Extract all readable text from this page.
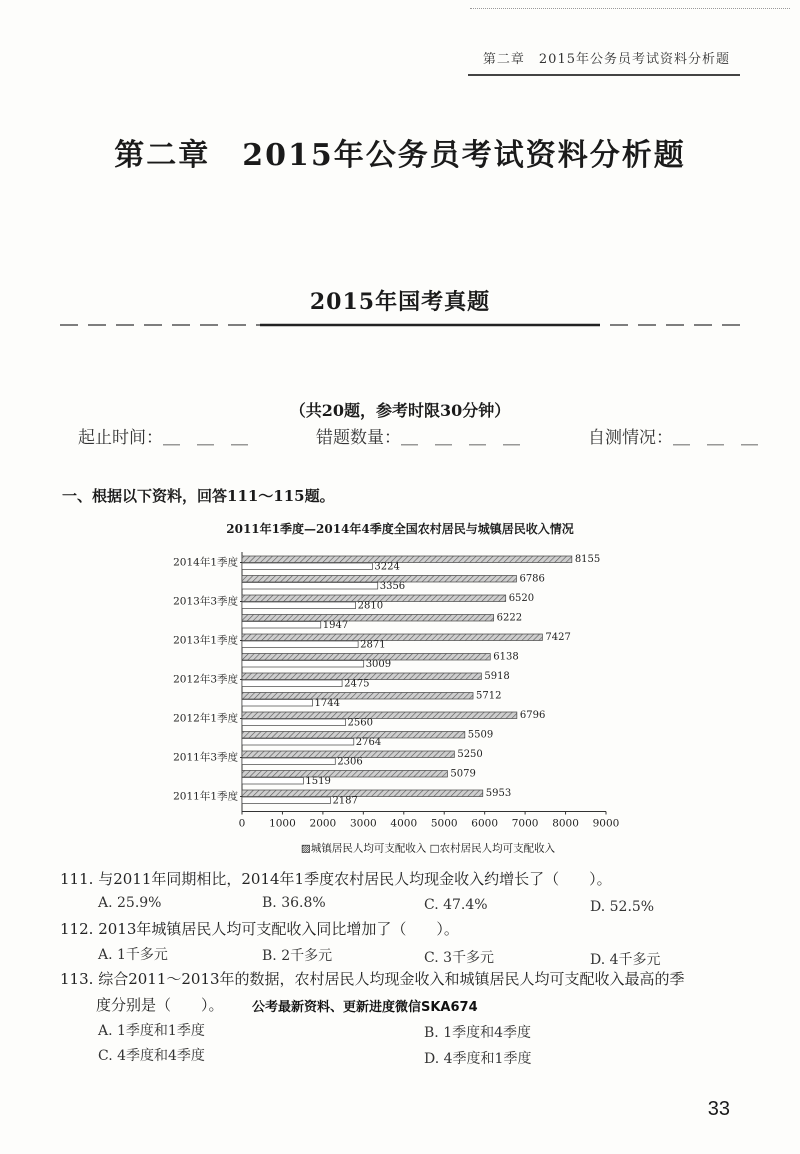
第二章　2015年公务员考试资料分析题
第二章　2015年公务员考试资料分析题
2015年国考真题
（共20题，参考时限30分钟）
起止时间：＿　＿　＿	错题数量：＿　＿　＿　＿	自测情况：＿　＿　＿
一、根据以下资料，回答111～115题。
2011年1季度—2014年4季度全国农村居民与城镇居民收入情况
8155
3224
2014年1季度
6786
3356
6520
2810
2013年3季度
6222
1947
7427
2871
2013年1季度
6138
3009
5918
2475
2012年3季度
5712
1744
6796
2560
2012年1季度
5509
2764
5250
2306
2011年3季度
5079
1519
5953
2187
2011年1季度
0 1000 2000 3000 4000 5000 6000 7000 8000 9000
▨城镇居民人均可支配收入 □农村居民人均可支配收入
111. 与2011年同期相比，2014年1季度农村居民人均现金收入约增长了（　　）。
A. 25.9%	B. 36.8%	C. 47.4%	D. 52.5%
112. 2013年城镇居民人均可支配收入同比增加了（　　）。
A. 1千多元	B. 2千多元	C. 3千多元	D. 4千多元
113. 综合2011～2013年的数据，农村居民人均现金收入和城镇居民人均可支配收入最高的季
度分别是（　　）。 公考最新资料、更新进度微信SKA674
A. 1季度和1季度	B. 1季度和4季度
C. 4季度和4季度	D. 4季度和1季度
33
